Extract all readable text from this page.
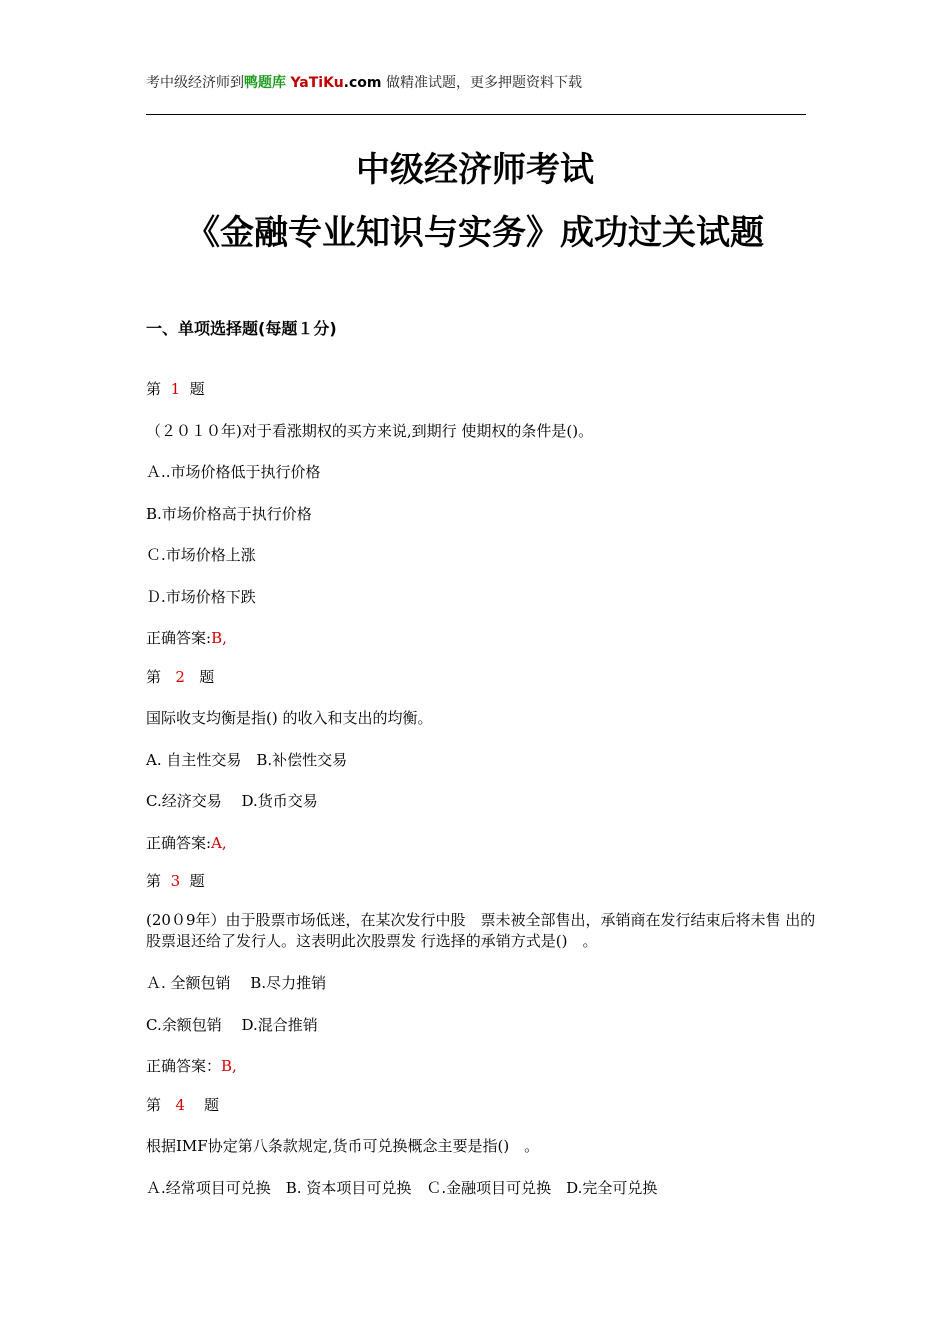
考中级经济师到鸭题库 YaTiKu.com 做精准试题，更多押题资料下载
中级经济师考试
《金融专业知识与实务》成功过关试题
一、单项选择题(每题１分)
第 1 题
（２０１０年)对于看涨期权的买方来说,到期行 使期权的条件是()。
Ａ..市场价格低于执行价格
B.市场价格高于执行价格
Ｃ.市场价格上涨
Ｄ.市场价格下跌
正确答案:B,
第 2 题
国际收支均衡是指() 的收入和支出的均衡。
A. 自主性交易　B.补偿性交易
C.经济交易　 D.货币交易
正确答案:A,
第 3 题
(20０9年）由于股票市场低迷，在某次发行中股　票未被全部售出，承销商在发行结束后将未售 出的股票退还给了发行人。这表明此次股票发 行选择的承销方式是()　。
Ａ. 全额包销　 B.尽力推销
C.余额包销　 D.混合推销
正确答案：B,
第 4 题
根据IMF协定第八条款规定,货币可兑换概念主要是指()　。
Ａ.经常项目可兑换　B. 资本项目可兑换　Ｃ.金融项目可兑换　D.完全可兑换
